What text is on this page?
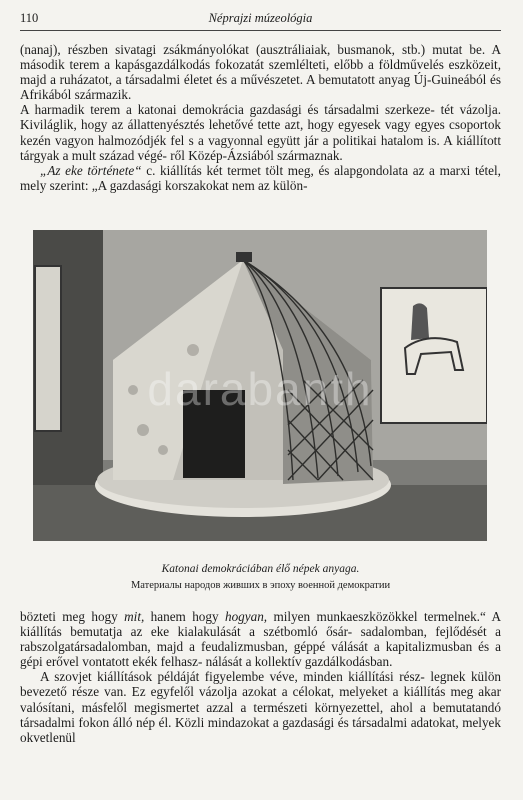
110	Néprajzi múzeológia

(nanaj), részben sivatagi zsákmányolókat (ausztráliaiak, busmanok, stb.) mutat be. A második terem a kapásgazdálkodás fokozatát szemlélteti, előbb a földművelés eszközeit, majd a ruházatot, a társadalmi életet és a művészetet. A bemutatott anyag Új-Guineából és Afrikából származik.

A harmadik terem a katonai demokrácia gazdasági és társadalmi szerkeze- tét vázolja. Kiviláglik, hogy az állattenyésztés lehetővé tette azt, hogy egyesek vagy egyes csoportok kezén vagyon halmozódjék fel s a vagyonnal együtt jár a politikai hatalom is. A kiállított tárgyak a mult század végé- ről Közép-Ázsiából származnak.

„Az eke története“ c. kiállítás két termet tölt meg, és alapgondolata az a marxi tétel, mely szerint: „A gazdasági korszakokat nem az külön-

darabanth
Katonai demokráciában élő népek anyaga.
Материалы народов живших в эпоху военной демократии

bözteti meg hogy mit, hanem hogy hogyan, milyen munkaeszközökkel termelnek.“ A kiállítás bemutatja az eke kialakulását a szétbomló ősár- sadalomban, fejlődését a rabszolgatársadalomban, majd a feudalizmusban, géppé válását a kapitalizmusban és a gépi erővel vontatott ekék felhasz- nálását a kollektív gazdálkodásban.

A szovjet kiállítások példáját figyelembe véve, minden kiállítási rész- legnek külön bevezető része van. Ez egyfelől vázolja azokat a célokat, melyeket a kiállítás meg akar valósítani, másfelől megismertet azzal a természeti környezettel, ahol a bemutatandó társadalmi fokon álló nép él. Közli mindazokat a gazdasági és társadalmi adatokat, melyek okvetlenül
